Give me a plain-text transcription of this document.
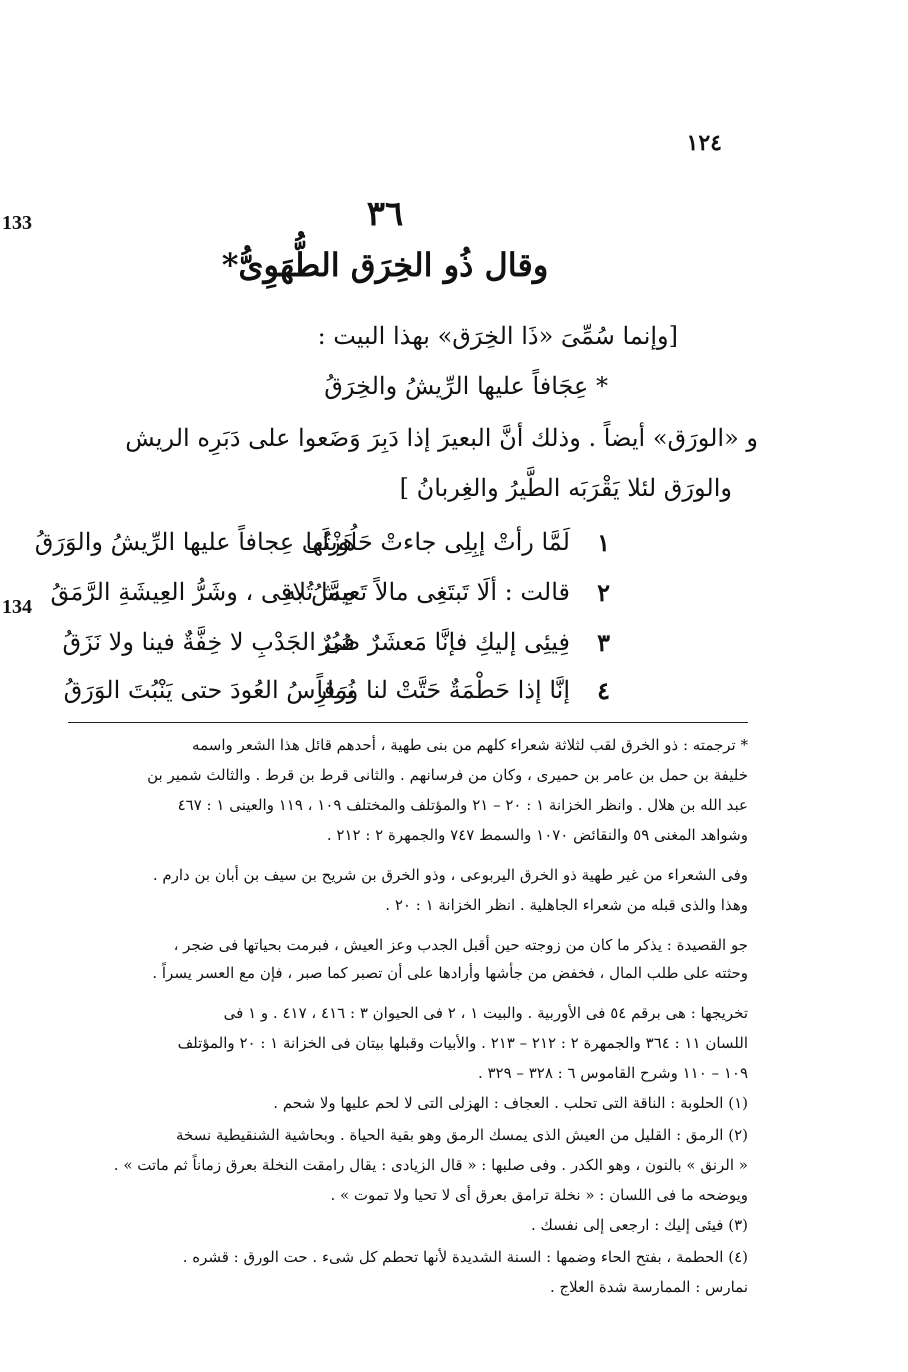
١٢٤
133
134
٣٦
وقال ذُو الخِرَق الطُّهَوِىُّ*
[وإنما سُمِّىَ «ذَا الخِرَق» بهذا البيت :
* عِجَافاً عليها الرِّيشُ والخِرَقُ
و «الورَق» أيضاً . وذلك أنَّ البعيرَ إذا دَبِرَ وَضَعوا على دَبَرِه الريش
والورَق لئلا يَقْرَبَه الطَّيرُ والغِربانُ ]
١
لَمَّا رأتْ إبِلِى جاءتْ حَلُوبتُها
هَزْلَى عِجافاً عليها الرِّيشُ والوَرَقُ
٢
قالت : ألَا تَبتَغِى مالاً تَعيشُ به
مِمَّا تُلاقِى ، وشَرُّ العِيشَةِ الرَّمَقُ
٣
فِيئِى إليكِ فإنَّا مَعشَرٌ صُبُرٌ
فى الجَدْبِ لا خِفَّةٌ فينا ولا نَزَقُ
٤
إنَّا إذا حَطْمَةٌ حَتَّتْ لنا ورَقاً
نُمارِسُ العُودَ حتى يَنْبُتَ الوَرَقُ
* ترجمته : ذو الخرق لقب لثلاثة شعراء كلهم من بنى طهية ، أحدهم قائل هذا الشعر واسمه
خليفة بن حمل بن عامر بن حميرى ، وكان من فرسانهم . والثانى قرط بن قرط . والثالث شمير بن
عبد الله بن هلال . وانظر الخزانة ١ : ٢٠ – ٢١ والمؤتلف والمختلف ١٠٩ ، ١١٩ والعينى ١ : ٤٦٧
وشواهد المغنى ٥٩ والنقائض ١٠٧٠ والسمط ٧٤٧ والجمهرة ٢ : ٢١٢ .
وفى الشعراء من غير طهية ذو الخرق اليربوعى ، وذو الخرق بن شريح بن سيف بن أبان بن دارم .
وهذا والذى قبله من شعراء الجاهلية . انظر الخزانة ١ : ٢٠ .
جو القصيدة : يذكر ما كان من زوجته حين أقبل الجدب وعز العيش ، فبرمت بحياتها فى ضجر ،
وحثته على طلب المال ، فخفض من جأشها وأرادها على أن تصبر كما صبر ، فإن مع العسر يسراً .
تخريجها : هى برقم ٥٤ فى الأوربية . والبيت ١ ، ٢ فى الحيوان ٣ : ٤١٦ ، ٤١٧ . و ١ فى
اللسان ١١ : ٣٦٤ والجمهرة ٢ : ٢١٢ – ٢١٣ . والأبيات وقبلها بيتان فى الخزانة ١ : ٢٠ والمؤتلف
١٠٩ – ١١٠ وشرح القاموس ٦ : ٣٢٨ – ٣٢٩ .
(١) الحلوبة : الناقة التى تحلب . العجاف : الهزلى التى لا لحم عليها ولا شحم .
(٢) الرمق : القليل من العيش الذى يمسك الرمق وهو بقية الحياة . وبحاشية الشنقيطية نسخة
« الرنق » بالنون ، وهو الكدر . وفى صلبها : « قال الزيادى : يقال رامقت النخلة بعرق زماناً ثم ماتت » .
ويوضحه ما فى اللسان : « نخلة ترامق بعرق أى لا تحيا ولا تموت » .
(٣) فيئى إليك : ارجعى إلى نفسك .
(٤) الحطمة ، بفتح الحاء وضمها : السنة الشديدة لأنها تحطم كل شىء . حت الورق : قشره .
نمارس : الممارسة شدة العلاج .
